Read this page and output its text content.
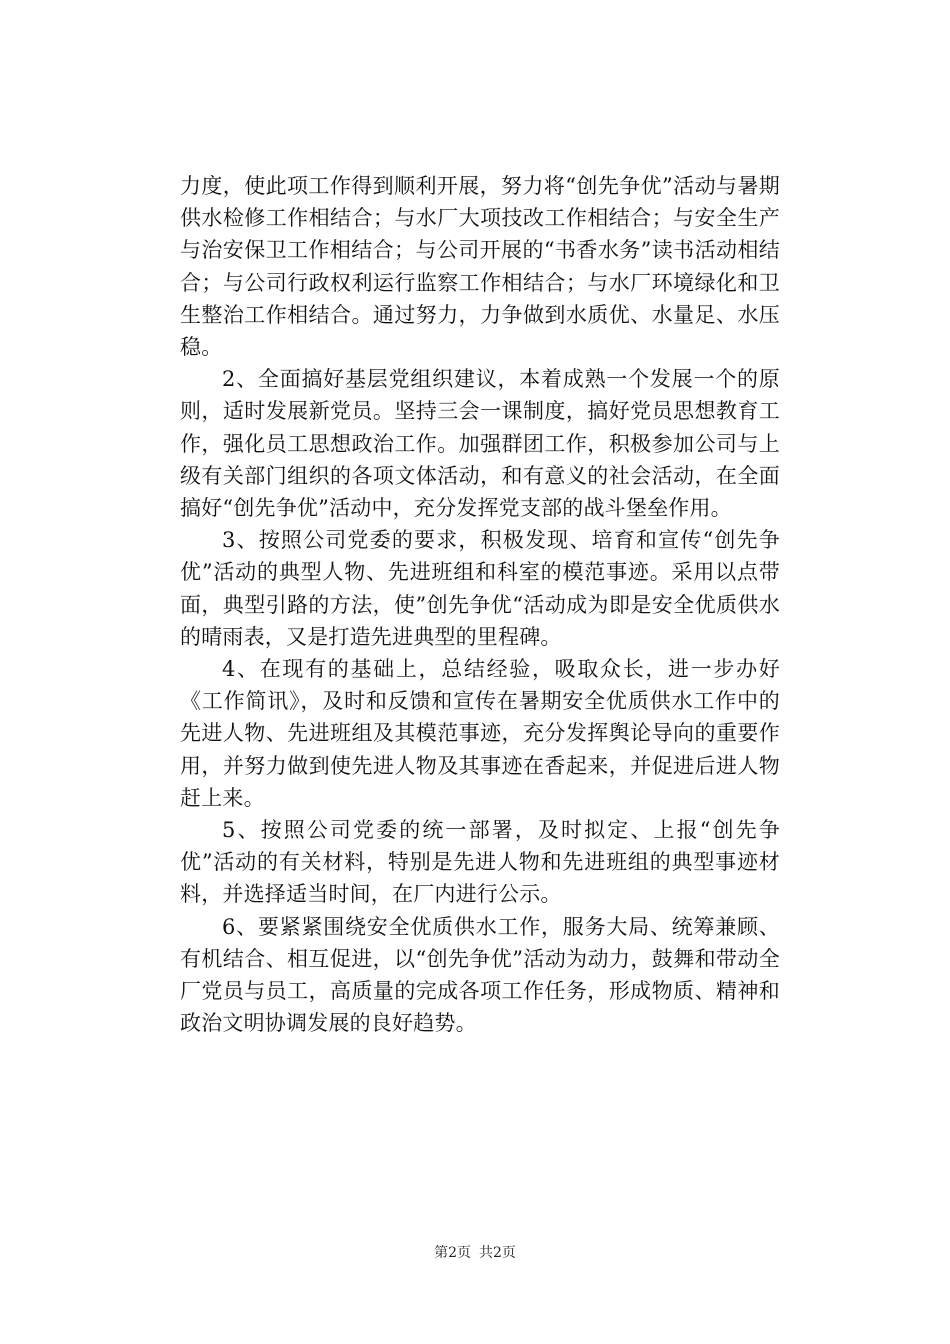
力度，使此项工作得到顺利开展，努力将“创先争优”活动与暑期供水检修工作相结合；与水厂大项技改工作相结合；与安全生产与治安保卫工作相结合；与公司开展的“书香水务”读书活动相结合；与公司行政权利运行监察工作相结合；与水厂环境绿化和卫生整治工作相结合。通过努力，力争做到水质优、水量足、水压稳。

2、全面搞好基层党组织建议，本着成熟一个发展一个的原则，适时发展新党员。坚持三会一课制度，搞好党员思想教育工作，强化员工思想政治工作。加强群团工作，积极参加公司与上级有关部门组织的各项文体活动，和有意义的社会活动，在全面搞好“创先争优”活动中，充分发挥党支部的战斗堡垒作用。

3、按照公司党委的要求，积极发现、培育和宣传“创先争优”活动的典型人物、先进班组和科室的模范事迹。采用以点带面，典型引路的方法，使”创先争优“活动成为即是安全优质供水的晴雨表，又是打造先进典型的里程碑。

4、在现有的基础上，总结经验，吸取众长，进一步办好《工作简讯》，及时和反馈和宣传在暑期安全优质供水工作中的先进人物、先进班组及其模范事迹，充分发挥舆论导向的重要作用，并努力做到使先进人物及其事迹在香起来，并促进后进人物赶上来。

5、按照公司党委的统一部署，及时拟定、上报“创先争优”活动的有关材料，特别是先进人物和先进班组的典型事迹材料，并选择适当时间，在厂内进行公示。

6、要紧紧围绕安全优质供水工作，服务大局、统筹兼顾、有机结合、相互促进，以“创先争优”活动为动力，鼓舞和带动全厂党员与员工，高质量的完成各项工作任务，形成物质、精神和政治文明协调发展的良好趋势。

第2页 共2页
